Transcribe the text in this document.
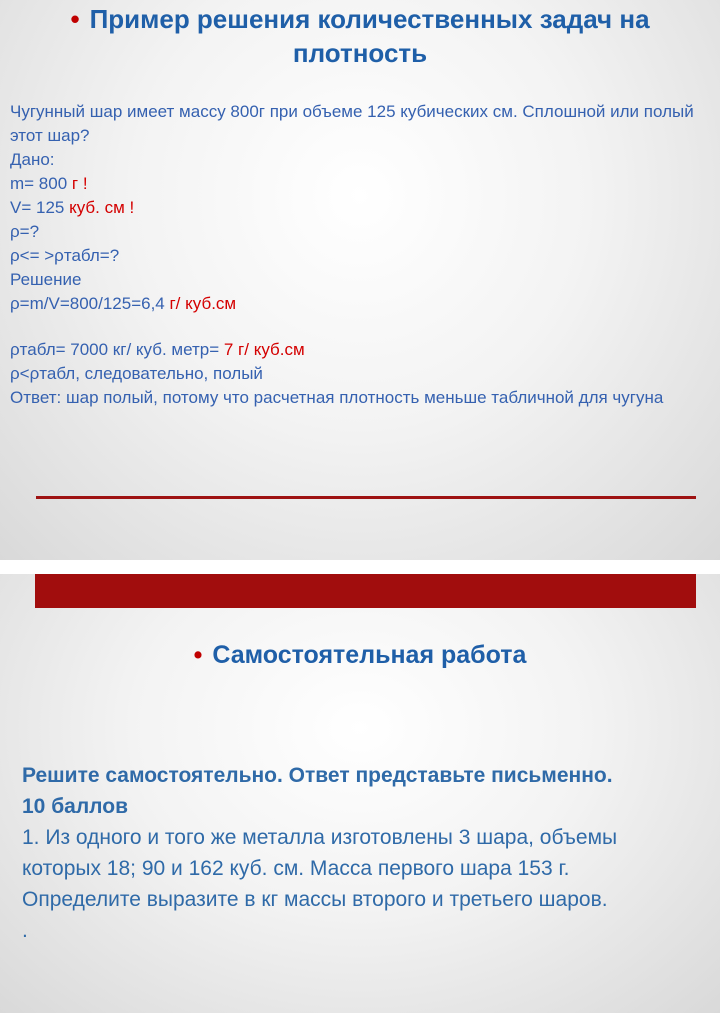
• Пример решения количественных задач на
плотность
Чугунный шар имеет массу 800г при объеме 125 кубических см. Сплошной или полый
этот шар?
Дано:
m= 800 г !
V= 125 куб. см !
ρ=?
ρ<= >ρтабл=?
Решение
ρ=m/V=800/125=6,4 г/ куб.см
ρтабл= 7000 кг/ куб. метр= 7 г/ куб.см
ρ<ρтабл, следовательно, полый
Ответ: шар полый, потому что расчетная плотность меньше табличной для чугуна
• Самостоятельная работа
Решите самостоятельно. Ответ представьте письменно.
10 баллов
1. Из одного и того же металла изготовлены 3 шара, объемы
которых 18; 90 и 162 куб. см. Масса первого шара 153 г.
Определите выразите в кг массы второго и третьего шаров.
.
